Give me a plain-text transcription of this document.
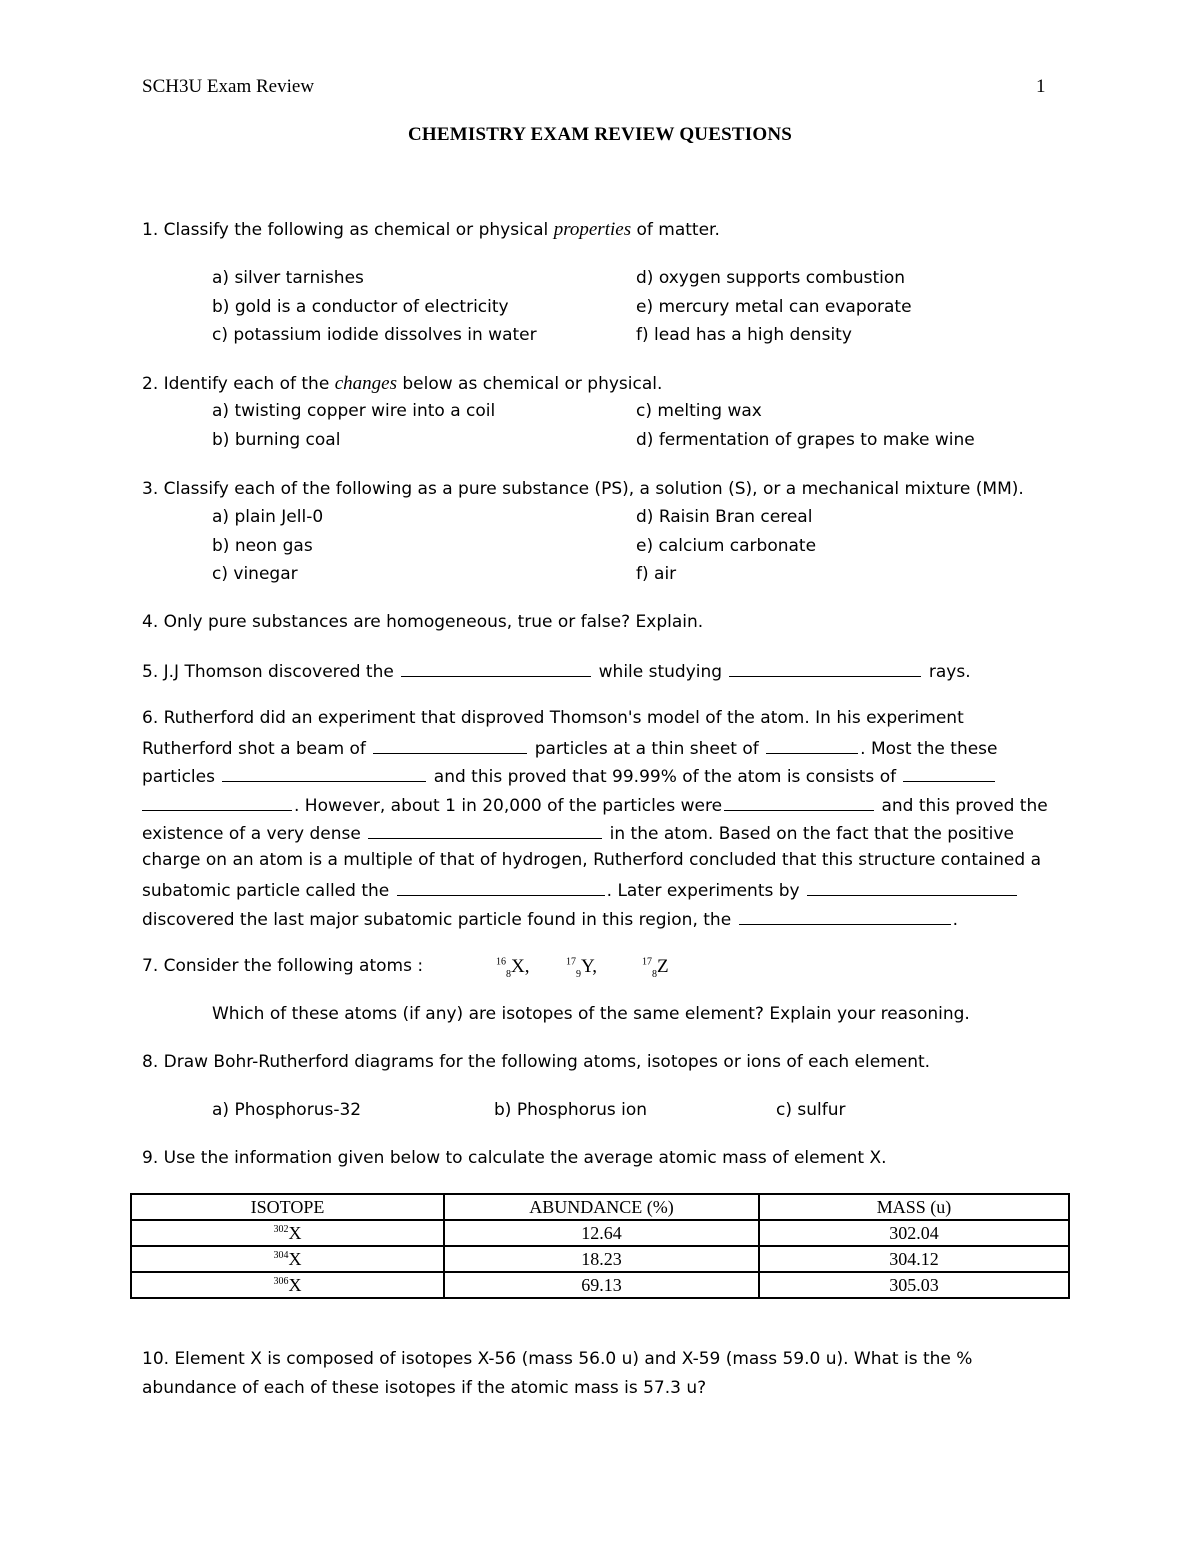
SCH3U Exam Review	1
CHEMISTRY EXAM REVIEW QUESTIONS
1. Classify the following as chemical or physical properties of matter.
a) silver tarnishes
b) gold is a conductor of electricity
c) potassium iodide dissolves in water
d) oxygen supports combustion
e) mercury metal can evaporate
f) lead has a high density
2. Identify each of the changes below as chemical or physical.
a) twisting copper wire into a coil
b) burning coal
c) melting wax
d) fermentation of grapes to make wine
3. Classify each of the following as a pure substance (PS), a solution (S), or a mechanical mixture (MM).
a) plain Jell-0
b) neon gas
c) vinegar
d) Raisin Bran cereal
e) calcium carbonate
f) air
4. Only pure substances are homogeneous, true or false? Explain.
5. J.J Thomson discovered the	while studying	rays.
6. Rutherford did an experiment that disproved Thomson's model of the atom. In his experiment
Rutherford shot a beam of	particles at a thin sheet of	. Most the these
particles	and this proved that 99.99% of the atom is consists of
. However, about 1 in 20,000 of the particles were	and this proved the
existence of a very dense	in the atom. Based on the fact that the positive
charge on an atom is a multiple of that of hydrogen, Rutherford concluded that this structure contained a
subatomic particle called the	. Later experiments by
discovered the last major subatomic particle found in this region, the	.
7. Consider the following atoms :	$^{16}_8$X,	$^{17}_9$Y,	$^{17}_8$Z
Which of these atoms (if any) are isotopes of the same element? Explain your reasoning.
8. Draw Bohr-Rutherford diagrams for the following atoms, isotopes or ions of each element.
a) Phosphorus-32	b) Phosphorus ion	c) sulfur
9. Use the information given below to calculate the average atomic mass of element X.
ISOTOPE	ABUNDANCE (%)	MASS (u)
$^{302}$X	12.64	302.04
$^{304}$X	18.23	304.12
$^{306}$X	69.13	305.03
10. Element X is composed of isotopes X-56 (mass 56.0 u) and X-59 (mass 59.0 u). What is the %
abundance of each of these isotopes if the atomic mass is 57.3 u?
